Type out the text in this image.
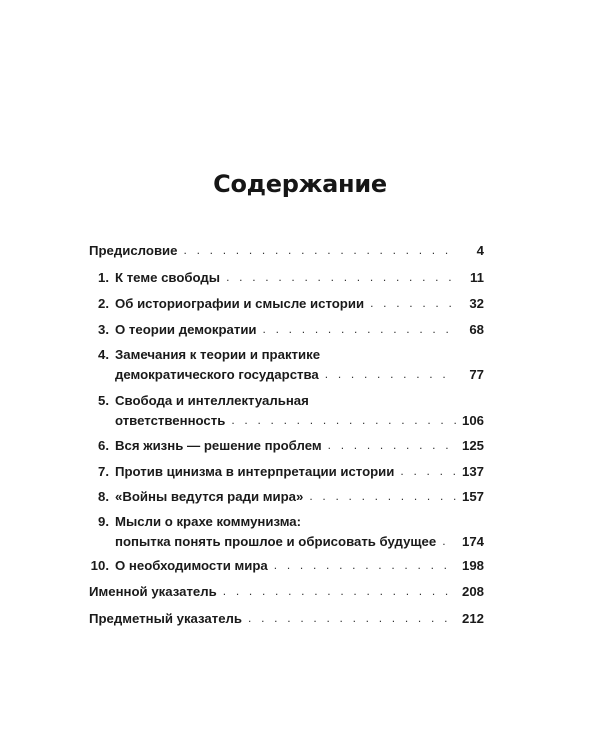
Содержание
Предисловие . . .	4
1. К теме свободы . . .	11
2. Об историографии и смысле истории . . .	32
3. О теории демократии . . .	68
4. Замечания к теории и практике
демократического государства . . .	77
5. Свобода и интеллектуальная
ответственность . . .	106
6. Вся жизнь — решение проблем . . .	125
7. Против цинизма в интерпретации истории . . .	137
8. «Войны ведутся ради мира» . . .	157
9. Мысли о крахе коммунизма:
попытка понять прошлое и обрисовать будущее . . . 174
10. О необходимости мира . . .	198
Именной указатель . . .	208
Предметный указатель . . .	212
